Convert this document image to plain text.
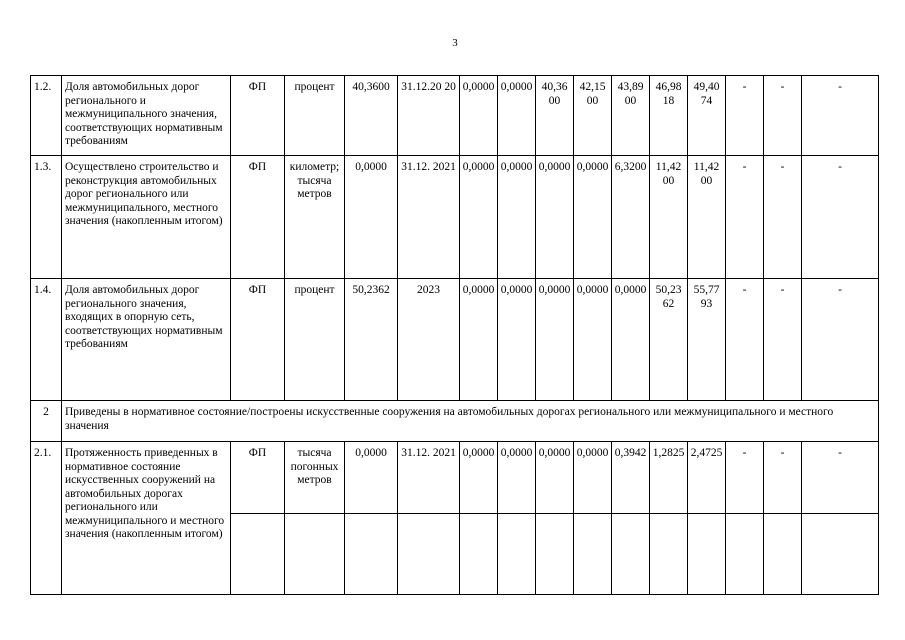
3
1.2.	Доля автомобильных дорог регионального и межмуниципального значения, соответствующих нормативным требованиям	ФП	процент	40,3600	31.12.20 20	0,0000	0,0000	40,36 00	42,15 00	43,89 00	46,98 18	49,40 74	-	-	-
1.3.	Осуществлено строительство и реконструкция автомобильных дорог регионального или межмуниципального, местного значения (накопленным итогом)	ФП	километр; тысяча метров	0,0000	31.12. 2021	0,0000	0,0000	0,0000	0,0000	6,3200	11,42 00	11,42 00	-	-	-
1.4.	Доля автомобильных дорог регионального значения, входящих в опорную сеть, соответствующих нормативным требованиям	ФП	процент	50,2362	2023	0,0000	0,0000	0,0000	0,0000	0,0000	50,23 62	55,77 93	-	-	-
2	Приведены в нормативное состояние/построены искусственные сооружения на автомобильных дорогах регионального или межмуниципального и местного значения														
2.1.	Протяженность приведенных в нормативное состояние искусственных сооружений на автомобильных дорогах регионального или межмуниципального и местного значения (накопленным итогом)	ФП	тысяча погонных метров	0,0000	31.12. 2021	0,0000	0,0000	0,0000	0,0000	0,3942	1,2825	2,4725	-	-	-
